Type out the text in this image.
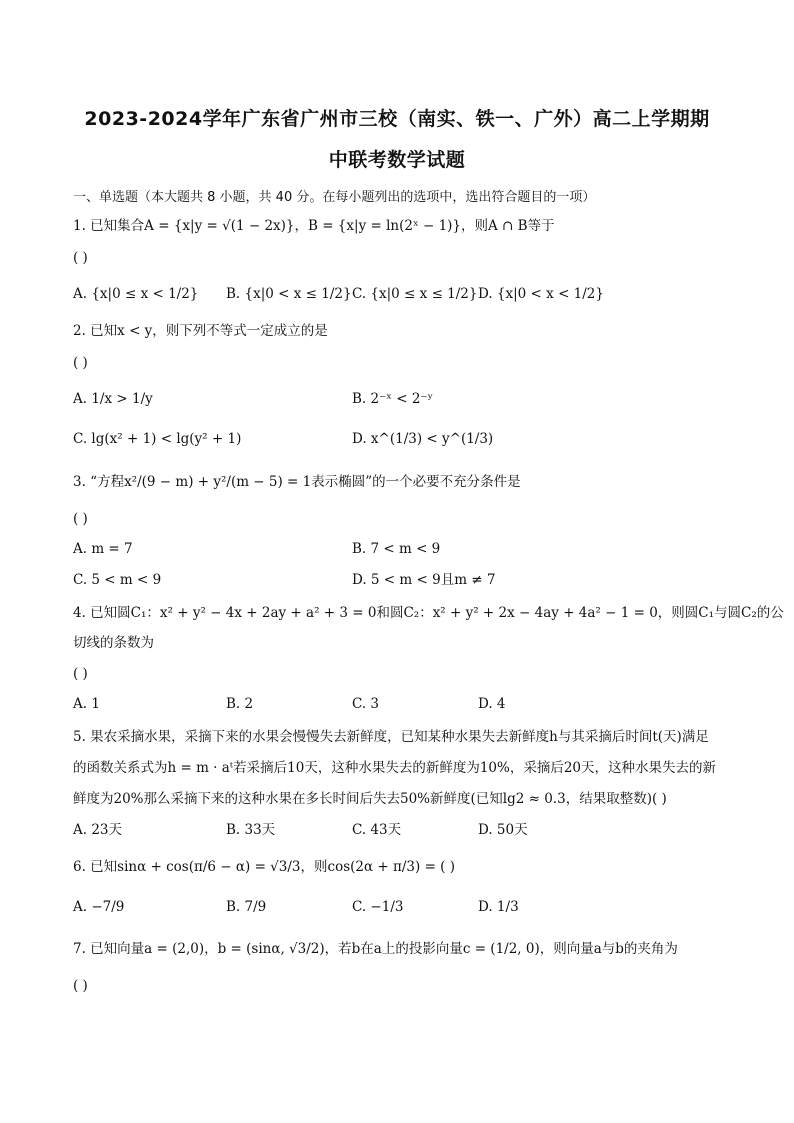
2023-2024学年广东省广州市三校（南实、铁一、广外）高二上学期期
中联考数学试题
一、单选题（本大题共 8 小题，共 40 分。在每小题列出的选项中，选出符合题目的一项）
1. 已知集合A = {x|y = √(1 − 2x)}，B = {x|y = ln(2ˣ − 1)}，则A ∩ B等于
( )
A. {x|0 ≤ x < 1/2} B. {x|0 < x ≤ 1/2} C. {x|0 ≤ x ≤ 1/2} D. {x|0 < x < 1/2}
2. 已知x < y，则下列不等式一定成立的是
( )
A. 1/x > 1/y	B. 2⁻ˣ < 2⁻ʸ
C. lg(x² + 1) < lg(y² + 1)	D. x^(1/3) < y^(1/3)
3. “方程x²/(9 − m) + y²/(m − 5) = 1表示椭圆”的一个必要不充分条件是
( )
A. m = 7	B. 7 < m < 9
C. 5 < m < 9	D. 5 < m < 9且m ≠ 7
4. 已知圆C₁：x² + y² − 4x + 2ay + a² + 3 = 0和圆C₂：x² + y² + 2x − 4ay + 4a² − 1 = 0，则圆C₁与圆C₂的公
切线的条数为
( )
A. 1	B. 2	C. 3	D. 4
5. 果农采摘水果，采摘下来的水果会慢慢失去新鲜度，已知某种水果失去新鲜度h与其采摘后时间t(天)满足
的函数关系式为h = m · aᵗ若采摘后10天，这种水果失去的新鲜度为10%，采摘后20天，这种水果失去的新
鲜度为20%那么采摘下来的这种水果在多长时间后失去50%新鲜度(已知lg2 ≈ 0.3，结果取整数)( )
A. 23天	B. 33天	C. 43天	D. 50天
6. 已知sinα + cos(π/6 − α) = √3/3，则cos(2α + π/3) = ( )
A. −7/9	B. 7/9	C. −1/3	D. 1/3
7. 已知向量a = (2,0)，b = (sinα, √3/2)，若b在a上的投影向量c = (1/2, 0)，则向量a与b的夹角为
( )
